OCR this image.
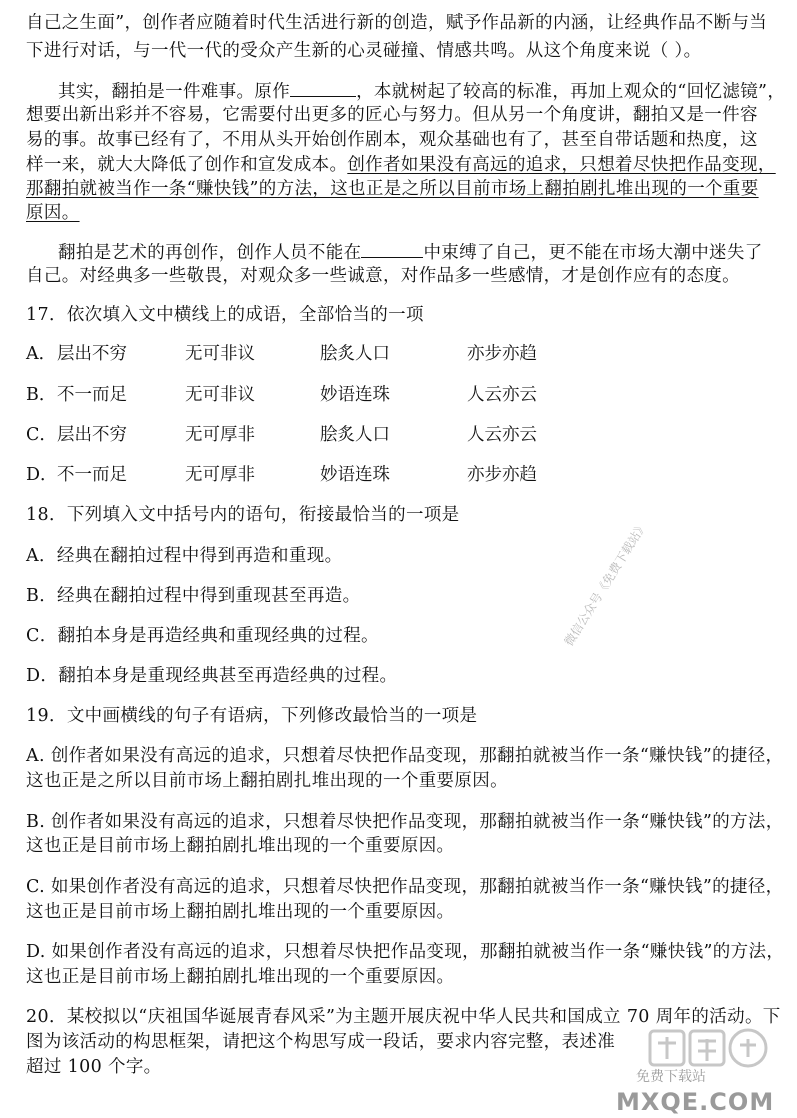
自己之生面”，创作者应随着时代生活进行新的创造，赋予作品新的内涵，让经典作品不断与当
下进行对话，与一代一代的受众产生新的心灵碰撞、情感共鸣。从这个角度来说（ ）。
其实，翻拍是一件难事。原作	，本就树起了较高的标准，再加上观众的“回忆滤镜”，
想要出新出彩并不容易，它需要付出更多的匠心与努力。但从另一个角度讲，翻拍又是一件容
易的事。故事已经有了，不用从头开始创作剧本，观众基础也有了，甚至自带话题和热度，这
样一来，就大大降低了创作和宣发成本。创作者如果没有高远的追求，只想着尽快把作品变现，
那翻拍就被当作一条“赚快钱”的方法，这也正是之所以目前市场上翻拍剧扎堆出现的一个重要
原因。
翻拍是艺术的再创作，创作人员不能在	中束缚了自己，更不能在市场大潮中迷失了
自己。对经典多一些敬畏，对观众多一些诚意，对作品多一些感情，才是创作应有的态度。
17．依次填入文中横线上的成语，全部恰当的一项
A． 层出不穷	无可非议	脍炙人口	亦步亦趋
B． 不一而足	无可非议	妙语连珠	人云亦云
C． 层出不穷	无可厚非	脍炙人口	人云亦云
D． 不一而足	无可厚非	妙语连珠	亦步亦趋
18．下列填入文中括号内的语句，衔接最恰当的一项是
A．经典在翻拍过程中得到再造和重现。
B．经典在翻拍过程中得到重现甚至再造。
C．翻拍本身是再造经典和重现经典的过程。
D．翻拍本身是重现经典甚至再造经典的过程。
19．文中画横线的句子有语病，下列修改最恰当的一项是
A. 创作者如果没有高远的追求，只想着尽快把作品变现，那翻拍就被当作一条“赚快钱”的捷径，
这也正是之所以目前市场上翻拍剧扎堆出现的一个重要原因。
B. 创作者如果没有高远的追求，只想着尽快把作品变现，那翻拍就被当作一条“赚快钱”的方法，
这也正是目前市场上翻拍剧扎堆出现的一个重要原因。
C. 如果创作者没有高远的追求，只想着尽快把作品变现，那翻拍就被当作一条“赚快钱”的捷径，
这也正是目前市场上翻拍剧扎堆出现的一个重要原因。
D. 如果创作者没有高远的追求，只想着尽快把作品变现，那翻拍就被当作一条“赚快钱”的方法，
这也正是目前市场上翻拍剧扎堆出现的一个重要原因。
20．某校拟以“庆祖国华诞展青春风采”为主题开展庆祝中华人民共和国成立 70 周年的活动。下
图为该活动的构思框架，请把这个构思写成一段话，要求内容完整，表述准
超过 100 个字。
微信公众号《免费下载站》
免费下载站
MXQE.COM
